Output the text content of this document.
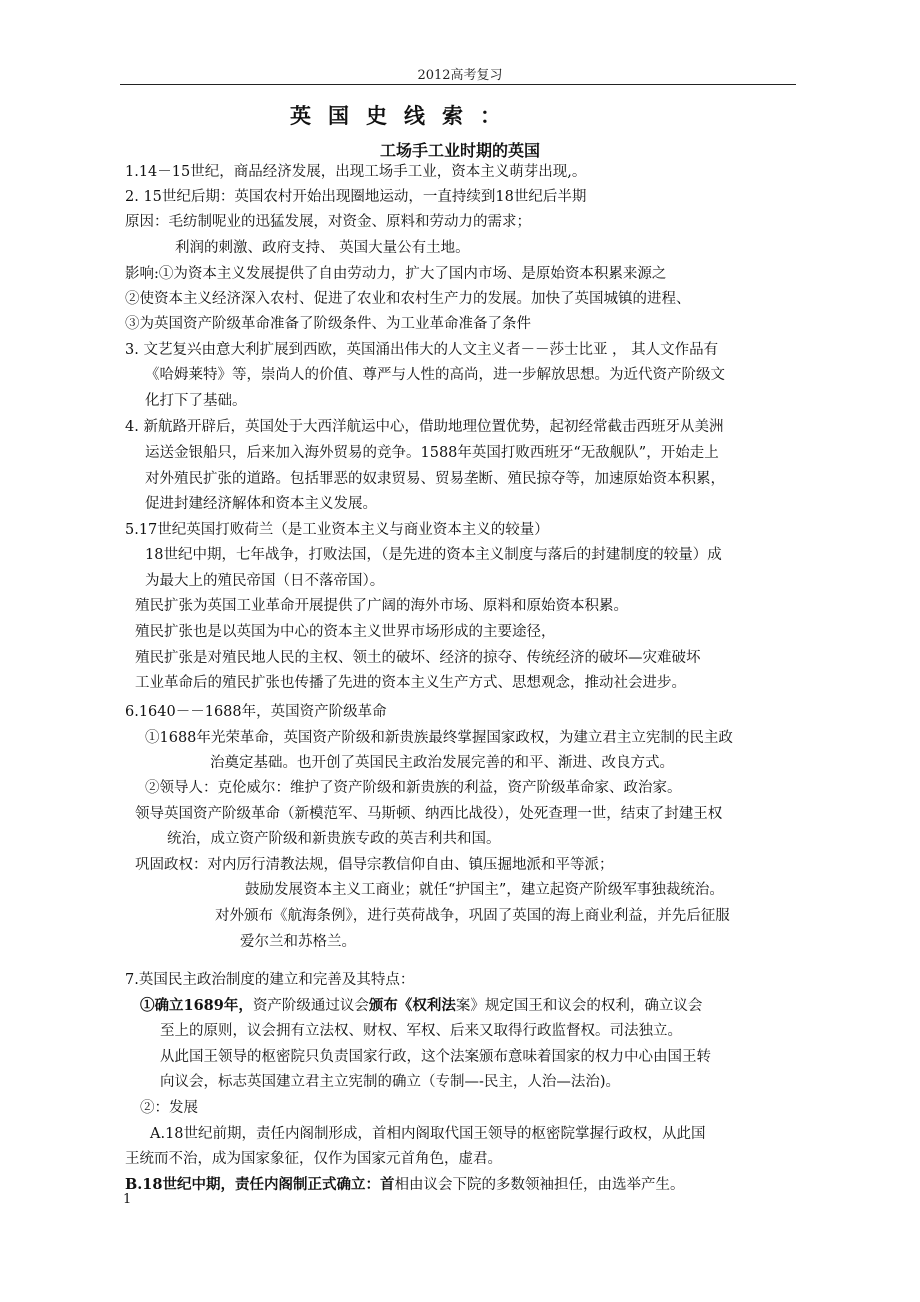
2012高考复习
英国史线索：
工场手工业时期的英国
1.14－15世纪，商品经济发展，出现工场手工业，资本主义萌芽出现,。
2. 15世纪后期：英国农村开始出现圈地运动，一直持续到18世纪后半期
原因：毛纺制呢业的迅猛发展，对资金、原料和劳动力的需求；
利润的刺激、政府支持、 英国大量公有土地。
影响:①为资本主义发展提供了自由劳动力，扩大了国内市场、是原始资本积累来源之
②使资本主义经济深入农村、促进了农业和农村生产力的发展。加快了英国城镇的进程、
③为英国资产阶级革命准备了阶级条件、为工业革命准备了条件
3. 文艺复兴由意大利扩展到西欧，英国涌出伟大的人文主义者－－莎士比亚 ， 其人文作品有
《哈姆莱特》等，崇尚人的价值、尊严与人性的高尚，进一步解放思想。为近代资产阶级文
化打下了基础。
4. 新航路开辟后，英国处于大西洋航运中心，借助地理位置优势，起初经常截击西班牙从美洲
运送金银船只，后来加入海外贸易的竞争。1588年英国打败西班牙“无敌舰队”，开始走上
对外殖民扩张的道路。包括罪恶的奴隶贸易、贸易垄断、殖民掠夺等，加速原始资本积累，
促进封建经济解体和资本主义发展。
5.17世纪英国打败荷兰（是工业资本主义与商业资本主义的较量）
18世纪中期，七年战争，打败法国，（是先进的资本主义制度与落后的封建制度的较量）成
为最大上的殖民帝国（日不落帝国）。
殖民扩张为英国工业革命开展提供了广阔的海外市场、原料和原始资本积累。
殖民扩张也是以英国为中心的资本主义世界市场形成的主要途径，
殖民扩张是对殖民地人民的主权、领土的破坏、经济的掠夺、传统经济的破坏—灾难破坏
工业革命后的殖民扩张也传播了先进的资本主义生产方式、思想观念，推动社会进步。
6.1640－－1688年，英国资产阶级革命
①1688年光荣革命，英国资产阶级和新贵族最终掌握国家政权，为建立君主立宪制的民主政
治奠定基础。也开创了英国民主政治发展完善的和平、渐进、改良方式。
②领导人：克伦威尔：维护了资产阶级和新贵族的利益，资产阶级革命家、政治家。
领导英国资产阶级革命（新模范军、马斯顿、纳西比战役），处死查理一世，结束了封建王权
统治，成立资产阶级和新贵族专政的英吉利共和国。
巩固政权：对内厉行清教法规，倡导宗教信仰自由、镇压掘地派和平等派；
鼓励发展资本主义工商业；就任“护国主”，建立起资产阶级军事独裁统治。
对外颁布《航海条例》，进行英荷战争，巩固了英国的海上商业利益，并先后征服
爱尔兰和苏格兰。
7.英国民主政治制度的建立和完善及其特点：
①确立1689年，资产阶级通过议会颁布《权利法案》规定国王和议会的权利，确立议会
至上的原则，议会拥有立法权、财权、军权、后来又取得行政监督权。司法独立。
从此国王领导的枢密院只负责国家行政，这个法案颁布意味着国家的权力中心由国王转
向议会，标志英国建立君主立宪制的确立（专制—-民主，人治—法治)。
②：发展
A.18世纪前期，责任内阁制形成，首相内阁取代国王领导的枢密院掌握行政权，从此国
王统而不治，成为国家象征，仅作为国家元首角色，虚君。
B.18世纪中期，责任内阁制正式确立：首相由议会下院的多数领袖担任，由选举产生。
1
